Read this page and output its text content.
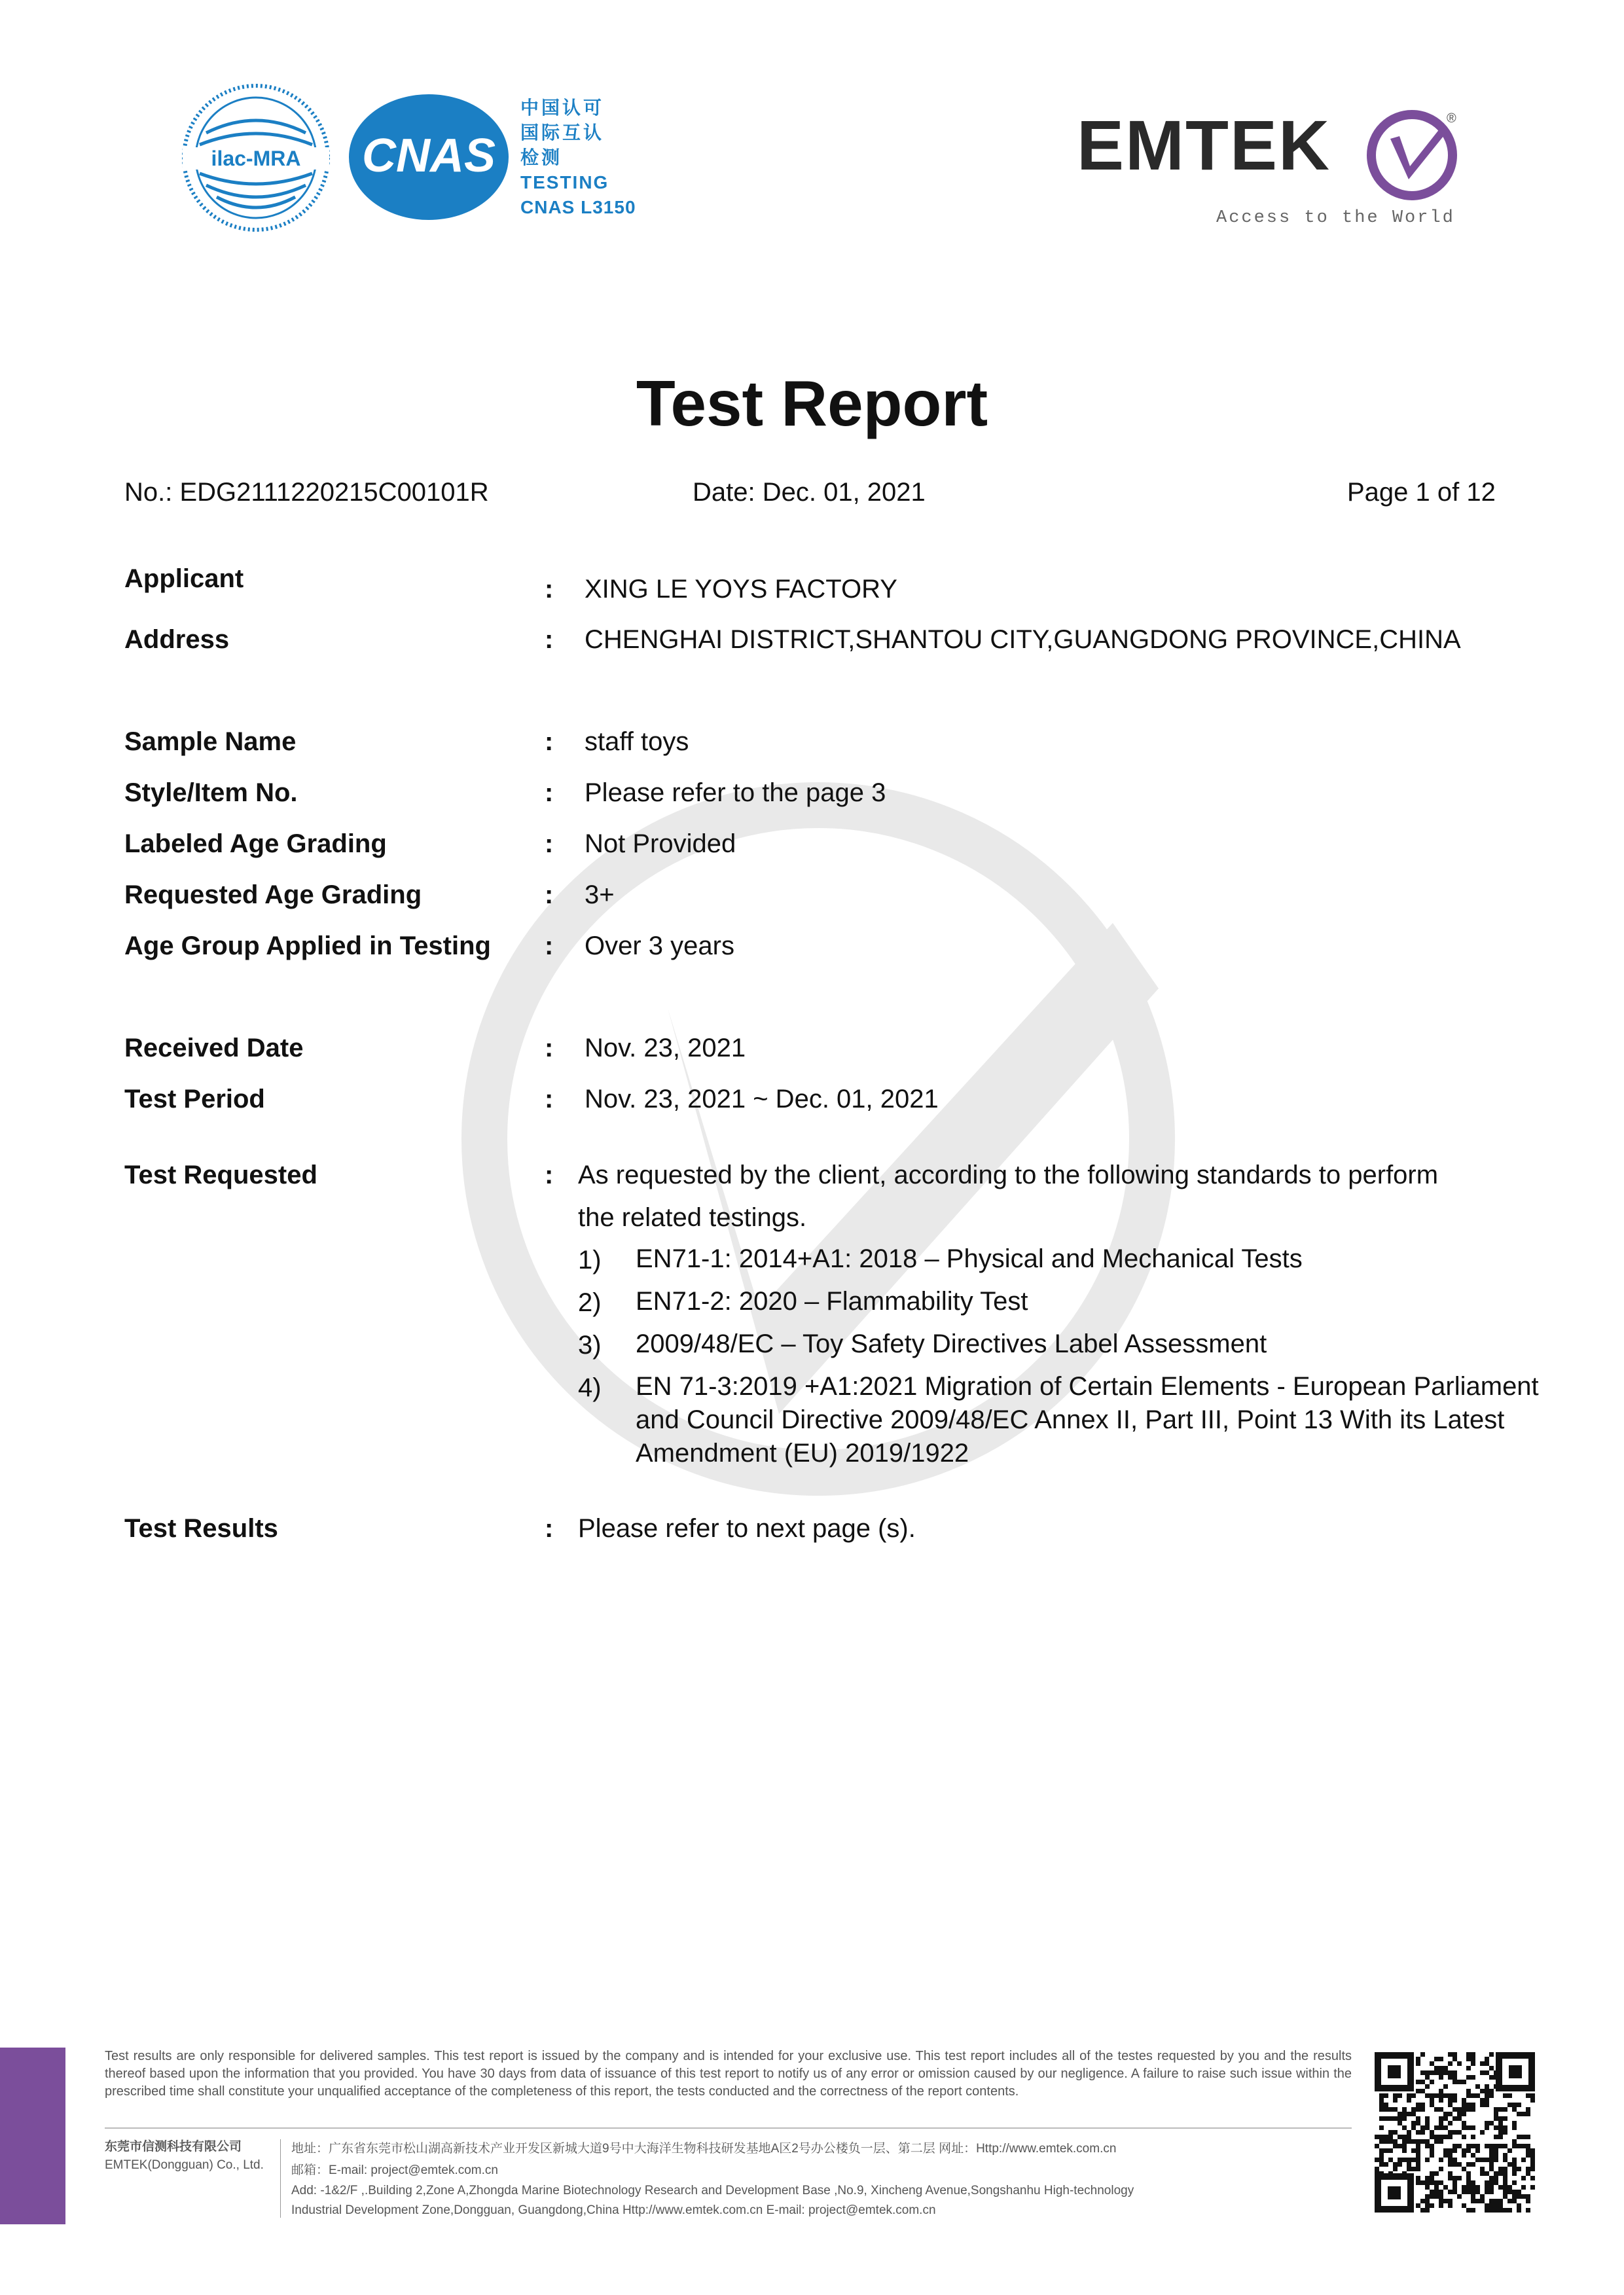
ilac-MRA CNAS
中国认可
国际互认
检测
TESTING
CNAS L3150
EMTEK	®
Access to the World
Test Report
No.: EDG2111220215C00101R	Date: Dec. 01, 2021	Page 1 of 12
Applicant	: XING LE YOYS FACTORY
Address	: CHENGHAI DISTRICT,SHANTOU CITY,GUANGDONG PROVINCE,CHINA
Sample Name	: staff toys
Style/Item No.	: Please refer to the page 3
Labeled Age Grading	: Not Provided
Requested Age Grading	: 3+
Age Group Applied in Testing : Over 3 years
Received Date	: Nov. 23, 2021
Test Period	: Nov. 23, 2021 ~ Dec. 01, 2021
Test Requested	: As requested by the client, according to the following standards to perform
the related testings.
1) EN71-1: 2014+A1: 2018 – Physical and Mechanical Tests
2) EN71-2: 2020 – Flammability Test
3) 2009/48/EC – Toy Safety Directives Label Assessment
4) EN 71-3:2019 +A1:2021 Migration of Certain Elements - European Parliament and Council Directive 2009/48/EC Annex II, Part III, Point 13 With its Latest Amendment (EU) 2019/1922
Test Results	: Please refer to next page (s).
Test results are only responsible for delivered samples. This test report is issued by the company and is intended for your exclusive use. This test report includes all of the testes requested by you and the results thereof based upon the information that you provided. You have 30 days from data of issuance of this test report to notify us of any error or omission caused by our negligence. A failure to raise such issue within the prescribed time shall constitute your unqualified acceptance of the completeness of this report, the tests conducted and the correctness of the report contents.
东莞市信测科技有限公司
EMTEK(Dongguan) Co., Ltd.
地址：广东省东莞市松山湖高新技术产业开发区新城大道9号中大海洋生物科技研发基地A区2号办公楼负一层、第二层 网址：Http://www.emtek.com.cn
邮箱：E-mail: project@emtek.com.cn
Add: -1&2/F ,.Building 2,Zone A,Zhongda Marine Biotechnology Research and Development Base ,No.9, Xincheng Avenue,Songshanhu High-technology
Industrial Development Zone,Dongguan, Guangdong,China Http://www.emtek.com.cn E-mail: project@emtek.com.cn
